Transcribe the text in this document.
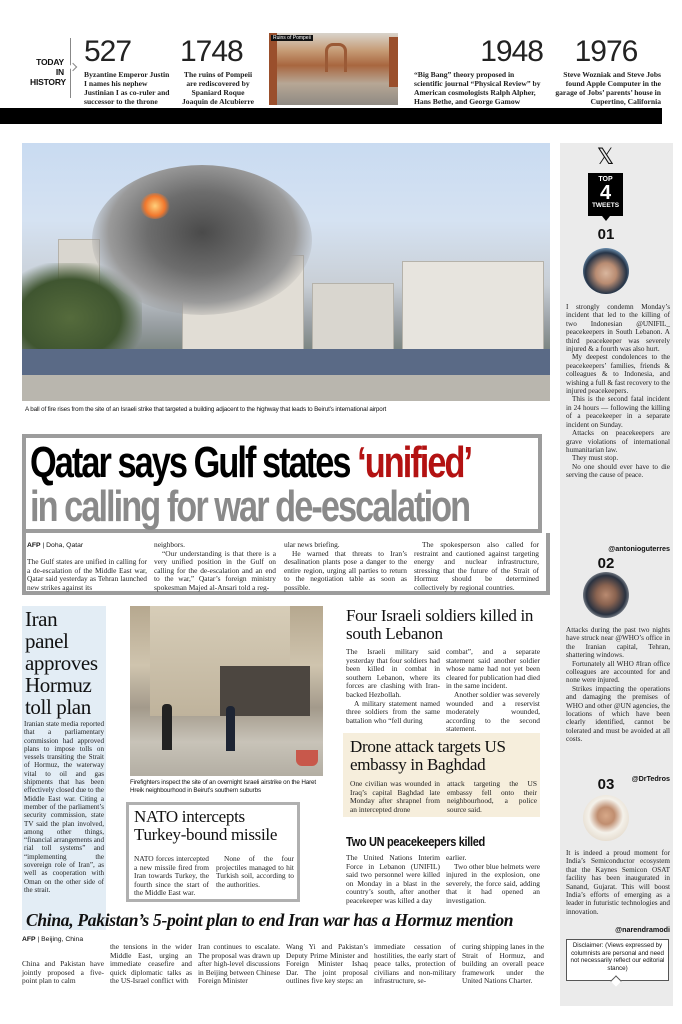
TODAY
IN
HISTORY
527
Byzantine Emperor Justin I names his nephew Justinian I as co-ruler and successor to the throne
1748
The ruins of Pompeii are rediscovered by Spaniard Roque Joaquin de Alcubierre
Ruins of Pompeii	1948
“Big Bang” theory proposed in scientific journal “Physical Review” by American cosmologists Ralph Alpher, Hans Bethe, and George Gamow
1976
Steve Wozniak and Steve Jobs found Apple Computer in the garage of Jobs’ parents’ house in Cupertino, California
A ball of fire rises from the site of an Israeli strike that targeted a building adjacent to the highway that leads to Beirut’s international airport
Qatar says Gulf states ‘unified’
in calling for war de-escalation
AFP | Doha, Qatar

The Gulf states are unified in calling for a de-escalation of the Middle East war, Qatar said yesterday as Tehran launched new strikes against its

neighbors.

“Our understanding is that there is a very unified position in the Gulf on calling for the de-escalation and an end to the war,” Qatar’s foreign ministry spokesman Majed al-Ansari told a reg-

ular news briefing.

He warned that threats to Iran’s desalination plants pose a danger to the entire region, urging all parties to return to the negotiation table as soon as possible.

The spokesperson also called for restraint and cautioned against targeting energy and nuclear infrastructure, stressing that the future of the Strait of Hormuz should be determined collectively by regional countries.

Iran panel approves Hormuz toll plan

Iranian state media reported that a parliamentary commission had approved plans to impose tolls on vessels transiting the Strait of Hormuz, the waterway vital to oil and gas shipments that has been effectively closed due to the Middle East war. Citing a member of the parliament’s security commission, state TV said the plan involved, among other things, “financial arrangements and rial toll systems” and “implementing the sovereign role of Iran”, as well as cooperation with Oman on the other side of the strait.

Firefighters inspect the site of an overnight Israeli airstrike on the Haret Hreik neighbourhood in Beirut’s southern suburbs
NATO intercepts Turkey-bound missile

NATO forces intercepted a new missile fired from Iran towards Turkey, the fourth since the start of the Middle East war.

None of the four projectiles managed to hit Turkish soil, according to the authorities.

Four Israeli soldiers killed in south Lebanon

The Israeli military said yesterday that four soldiers had been killed in combat in southern Lebanon, where its forces are clashing with Iran-backed Hezbollah.

A military statement named three soldiers from the same battalion who “fell during

combat”, and a separate statement said another soldier whose name had not yet been cleared for publication had died in the same incident.

Another soldier was severely wounded and a reservist moderately wounded, according to the second statement.

Drone attack targets US embassy in Baghdad

One civilian was wounded in Iraq’s capital Baghdad late Monday after shrapnel from an intercepted drone

attack targeting the US embassy fell onto their neighbourhood, a police source said.

Two UN peacekeepers killed

The United Nations Interim Force in Lebanon (UNIFIL) said two personnel were killed on Monday in a blast in the country’s south, after another peacekeeper was killed a day

earlier.

Two other blue helmets were injured in the explosion, one severely, the force said, adding that it had opened an investigation.

China, Pakistan’s 5-point plan to end Iran war has a Hormuz mention
AFP | Beijing, China

China and Pakistan have jointly proposed a five-point plan to calm

the tensions in the wider Middle East, urging an immediate ceasefire and quick diplomatic talks as the US-Israel conflict with

Iran continues to escalate. The proposal was drawn up after high-level discussions in Beijing between Chinese Foreign Minister

Wang Yi and Pakistan’s Deputy Prime Minister and Foreign Minister Ishaq Dar. The joint proposal outlines five key steps: an

immediate cessation of hostilities, the early start of peace talks, protection of civilians and non-military infrastructure, se-

curing shipping lanes in the Strait of Hormuz, and building an overall peace framework under the United Nations Charter.

𝕏
TOP
4
TWEETS
01

I strongly condemn Monday’s incident that led to the killing of two Indonesian @UNIFIL_ peacekeepers in South Lebanon. A third peacekeeper was severely injured & a fourth was also hurt.

My deepest condolences to the peacekeepers’ families, friends & colleagues & to Indonesia, and wishing a full & fast recovery to the injured peacekeepers.

This is the second fatal incident in 24 hours — following the killing of a peacekeeper in a separate incident on Sunday.

Attacks on peacekeepers are grave violations of international humanitarian law.

They must stop.

No one should ever have to die serving the cause of peace.

@antonioguterres
02

Attacks during the past two nights have struck near @WHO’s office in the Iranian capital, Tehran, shattering windows.

Fortunately all WHO #Iran office colleagues are accounted for and none were injured.

Strikes impacting the operations and damaging the premises of WHO and other @UN agencies, the locations of which have been clearly identified, cannot be tolerated and must be avoided at all costs.

@DrTedros
03

It is indeed a proud moment for India’s Semiconductor ecosystem that the Kaynes Semicon OSAT facility has been inaugurated in Sanand, Gujarat. This will boost India’s efforts of emerging as a leader in futuristic technologies and innovation.

@narendramodi
Disclaimer: (Views expressed by columnists are personal and need not necessarily reflect our editorial stance)
